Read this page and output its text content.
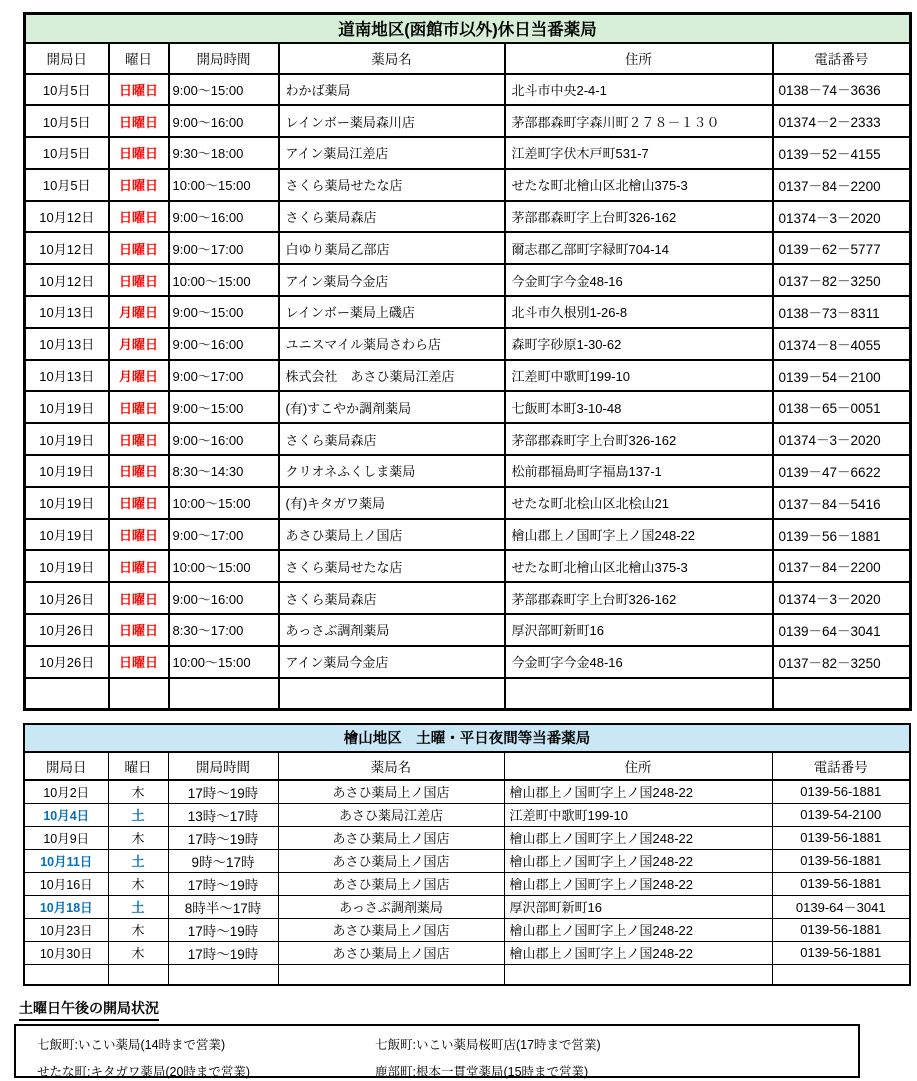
道南地区(函館市以外)休日当番薬局					
開局日	曜日	開局時間	薬局名	住所	電話番号
10月5日	日曜日	9:00～15:00	わかば薬局	北斗市中央2-4-1	0138－74－3636
10月5日	日曜日	9:00～16:00	レインボー薬局森川店	茅部郡森町字森川町２７８－１３０	01374－2－2333
10月5日	日曜日	9:30～18:00	アイン薬局江差店	江差町字伏木戸町531-7	0139－52－4155
10月5日	日曜日	10:00～15:00	さくら薬局せたな店	せたな町北檜山区北檜山375-3	0137－84－2200
10月12日	日曜日	9:00～16:00	さくら薬局森店	茅部郡森町字上台町326-162	01374－3－2020
10月12日	日曜日	9:00～17:00	白ゆり薬局乙部店	爾志郡乙部町字緑町704-14	0139－62－5777
10月12日	日曜日	10:00～15:00	アイン薬局今金店	今金町字今金48-16	0137－82－3250
10月13日	月曜日	9:00～15:00	レインボー薬局上磯店	北斗市久根別1-26-8	0138－73－8311
10月13日	月曜日	9:00～16:00	ユニスマイル薬局さわら店	森町字砂原1-30-62	01374－8－4055
10月13日	月曜日	9:00～17:00	株式会社　あさひ薬局江差店	江差町中歌町199-10	0139－54－2100
10月19日	日曜日	9:00～15:00	(有)すこやか調剤薬局	七飯町本町3-10-48	0138－65－0051
10月19日	日曜日	9:00～16:00	さくら薬局森店	茅部郡森町字上台町326-162	01374－3－2020
10月19日	日曜日	8:30～14:30	クリオネふくしま薬局	松前郡福島町字福島137-1	0139－47－6622
10月19日	日曜日	10:00～15:00	(有)キタガワ薬局	せたな町北桧山区北桧山21	0137－84－5416
10月19日	日曜日	9:00～17:00	あさひ薬局上ノ国店	檜山郡上ノ国町字上ノ国248-22	0139－56－1881
10月19日	日曜日	10:00～15:00	さくら薬局せたな店	せたな町北檜山区北檜山375-3	0137－84－2200
10月26日	日曜日	9:00～16:00	さくら薬局森店	茅部郡森町字上台町326-162	01374－3－2020
10月26日	日曜日	8:30～17:00	あっさぶ調剤薬局	厚沢部町新町16	0139－64－3041
10月26日	日曜日	10:00～15:00	アイン薬局今金店	今金町字今金48-16	0137－82－3250

檜山地区　土曜・平日夜間等当番薬局					
開局日	曜日	開局時間	薬局名	住所	電話番号
10月2日	木	17時～19時	あさひ薬局上ノ国店	檜山郡上ノ国町字上ノ国248-22	0139-56-1881
10月4日	土	13時～17時	あさひ薬局江差店	江差町中歌町199-10	0139-54-2100
10月9日	木	17時～19時	あさひ薬局上ノ国店	檜山郡上ノ国町字上ノ国248-22	0139-56-1881
10月11日	土	9時～17時	あさひ薬局上ノ国店	檜山郡上ノ国町字上ノ国248-22	0139-56-1881
10月16日	木	17時～19時	あさひ薬局上ノ国店	檜山郡上ノ国町字上ノ国248-22	0139-56-1881
10月18日	土	8時半～17時	あっさぶ調剤薬局	厚沢部町新町16	0139-64－3041
10月23日	木	17時～19時	あさひ薬局上ノ国店	檜山郡上ノ国町字上ノ国248-22	0139-56-1881
10月30日	木	17時～19時	あさひ薬局上ノ国店	檜山郡上ノ国町字上ノ国248-22	0139-56-1881

土曜日午後の開局状況
七飯町:いこい薬局(14時まで営業)	七飯町:いこい薬局桜町店(17時まで営業)
せたな町:キタガワ薬局(20時まで営業)	鹿部町:根本一貫堂薬局(15時まで営業)
